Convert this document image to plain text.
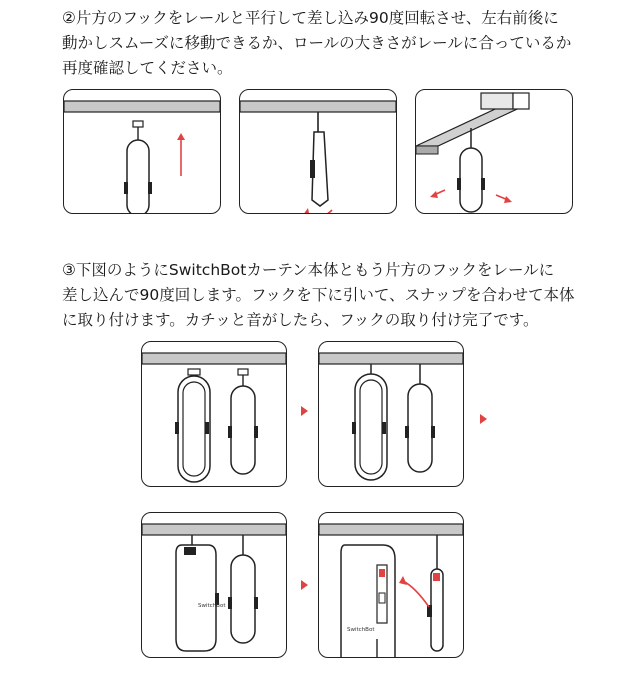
②片方のフックをレールと平行して差し込み90度回転させ、左右前後に
動かしスムーズに移動できるか、ロールの大きさがレールに合っているか
再度確認してください。

③下図のようにSwitchBotカーテン本体ともう片方のフックをレールに
差し込んで90度回します。フックを下に引いて、スナップを合わせて本体
に取り付けます。カチッと音がしたら、フックの取り付け完了です。

SwitchBot
SwitchBot
